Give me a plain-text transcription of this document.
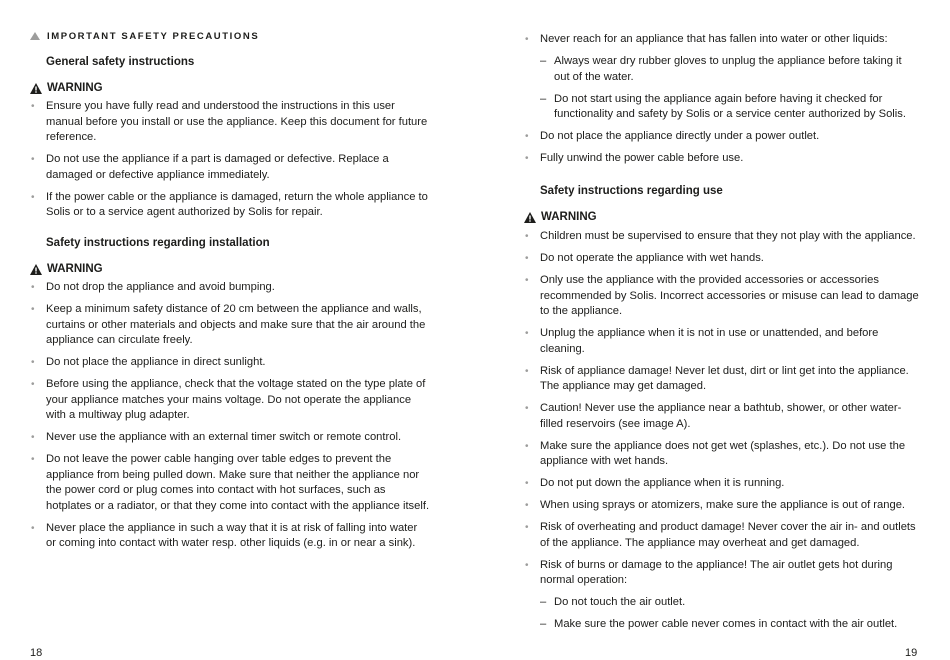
IMPORTANT SAFETY PRECAUTIONS
General safety instructions
WARNING
• Ensure you have fully read and understood the instructions in this user manual before you install or use the appliance. Keep this document for future reference.
• Do not use the appliance if a part is damaged or defective. Replace a damaged or defective appliance immediately.
• If the power cable or the appliance is damaged, return the whole appliance to Solis or to a service agent authorized by Solis for repair.
Safety instructions regarding installation
WARNING
• Do not drop the appliance and avoid bumping.
• Keep a minimum safety distance of 20 cm between the appliance and walls, curtains or other materials and objects and make sure that the air around the appliance can circulate freely.
• Do not place the appliance in direct sunlight.
• Before using the appliance, check that the voltage stated on the type plate of your appliance matches your mains voltage. Do not operate the appliance with a multiway plug adapter.
• Never use the appliance with an external timer switch or remote control.
• Do not leave the power cable hanging over table edges to prevent the appliance from being pulled down. Make sure that neither the appliance nor the power cord or plug comes into contact with hot surfaces, such as hotplates or a radiator, or that they come into contact with the appliance itself.
• Never place the appliance in such a way that it is at risk of falling into water or coming into contact with water resp. other liquids (e.g. in or near a sink).
18
• Never reach for an appliance that has fallen into water or other liquids:
– Always wear dry rubber gloves to unplug the appliance before taking it out of the water.
– Do not start using the appliance again before having it checked for functionality and safety by Solis or a service center authorized by Solis.
• Do not place the appliance directly under a power outlet.
• Fully unwind the power cable before use.
Safety instructions regarding use
WARNING
• Children must be supervised to ensure that they not play with the appliance.
• Do not operate the appliance with wet hands.
• Only use the appliance with the provided accessories or accessories recommended by Solis. Incorrect accessories or misuse can lead to damage to the appliance.
• Unplug the appliance when it is not in use or unattended, and before cleaning.
• Risk of appliance damage! Never let dust, dirt or lint get into the appliance. The appliance may get damaged.
• Caution! Never use the appliance near a bathtub, shower, or other water-filled reservoirs (see image A).
• Make sure the appliance does not get wet (splashes, etc.). Do not use the appliance with wet hands.
• Do not put down the appliance when it is running.
• When using sprays or atomizers, make sure the appliance is out of range.
• Risk of overheating and product damage! Never cover the air in- and outlets of the appliance. The appliance may overheat and get damaged.
• Risk of burns or damage to the appliance! The air outlet gets hot during normal operation:
– Do not touch the air outlet.
– Make sure the power cable never comes in contact with the air outlet.
19
